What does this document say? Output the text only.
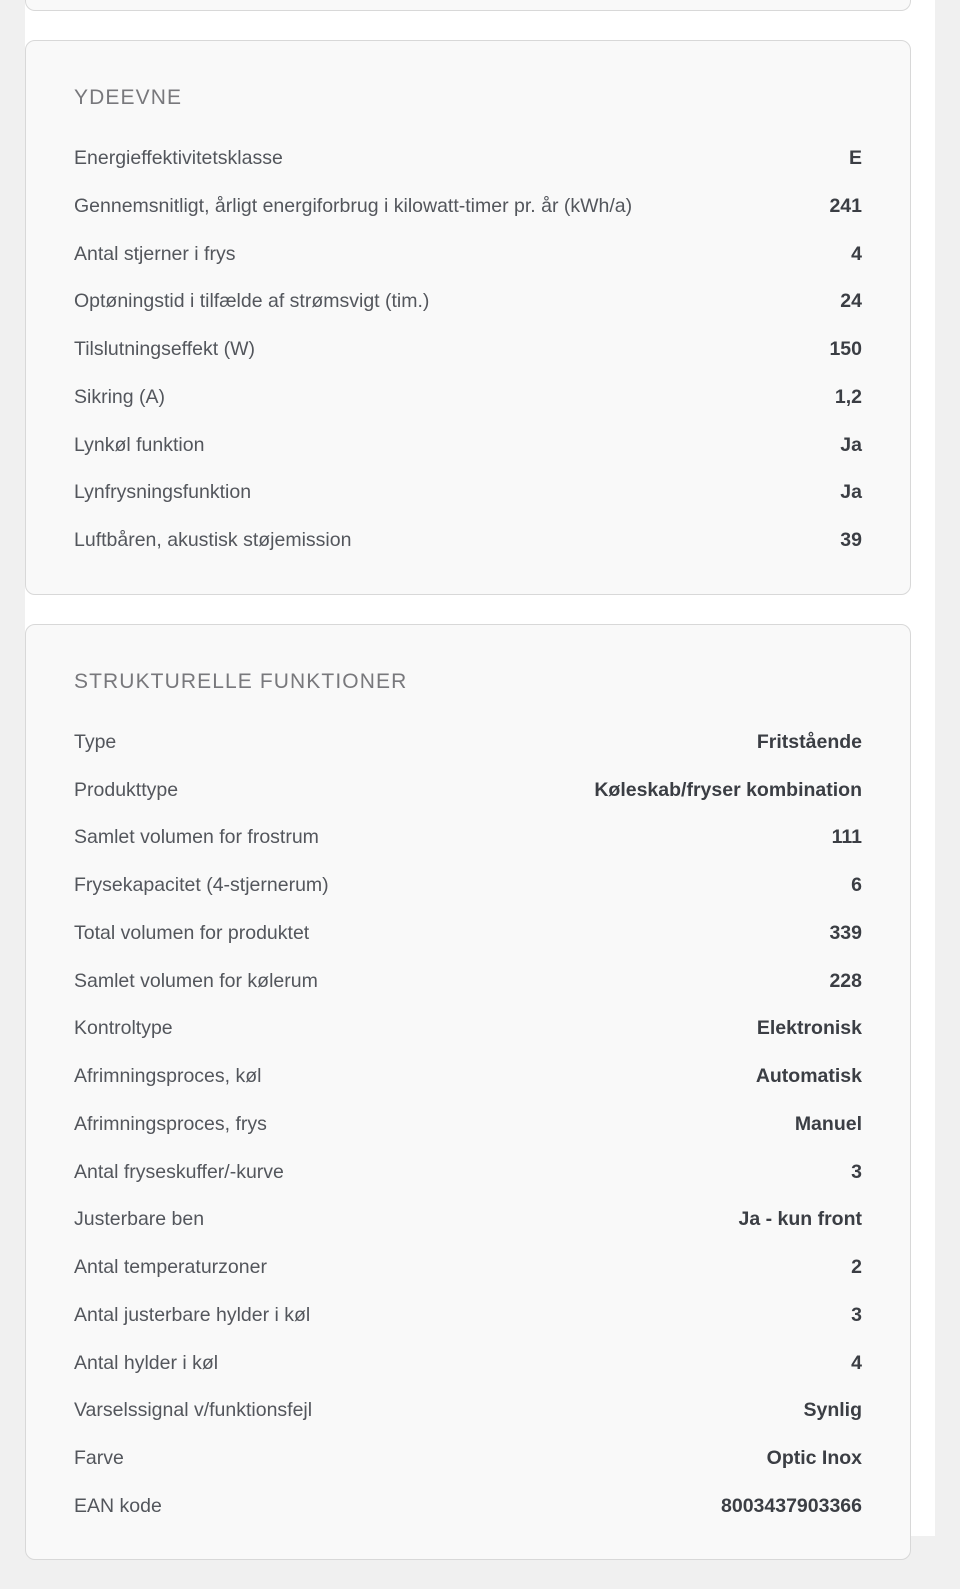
YDEEVNE
Energieffektivitetsklasse	E
Gennemsnitligt, årligt energiforbrug i kilowatt-timer pr. år (kWh/a)	241
Antal stjerner i frys	4
Optøningstid i tilfælde af strømsvigt (tim.)	24
Tilslutningseffekt (W)	150
Sikring (A)	1,2
Lynkøl funktion	Ja
Lynfrysningsfunktion	Ja
Luftbåren, akustisk støjemission	39
STRUKTURELLE FUNKTIONER
Type	Fritstående
Produkttype	Køleskab/fryser kombination
Samlet volumen for frostrum	111
Frysekapacitet (4-stjernerum)	6
Total volumen for produktet	339
Samlet volumen for kølerum	228
Kontroltype	Elektronisk
Afrimningsproces, køl	Automatisk
Afrimningsproces, frys	Manuel
Antal fryseskuffer/-kurve	3
Justerbare ben	Ja - kun front
Antal temperaturzoner	2
Antal justerbare hylder i køl	3
Antal hylder i køl	4
Varselssignal v/funktionsfejl	Synlig
Farve	Optic Inox
EAN kode	8003437903366
